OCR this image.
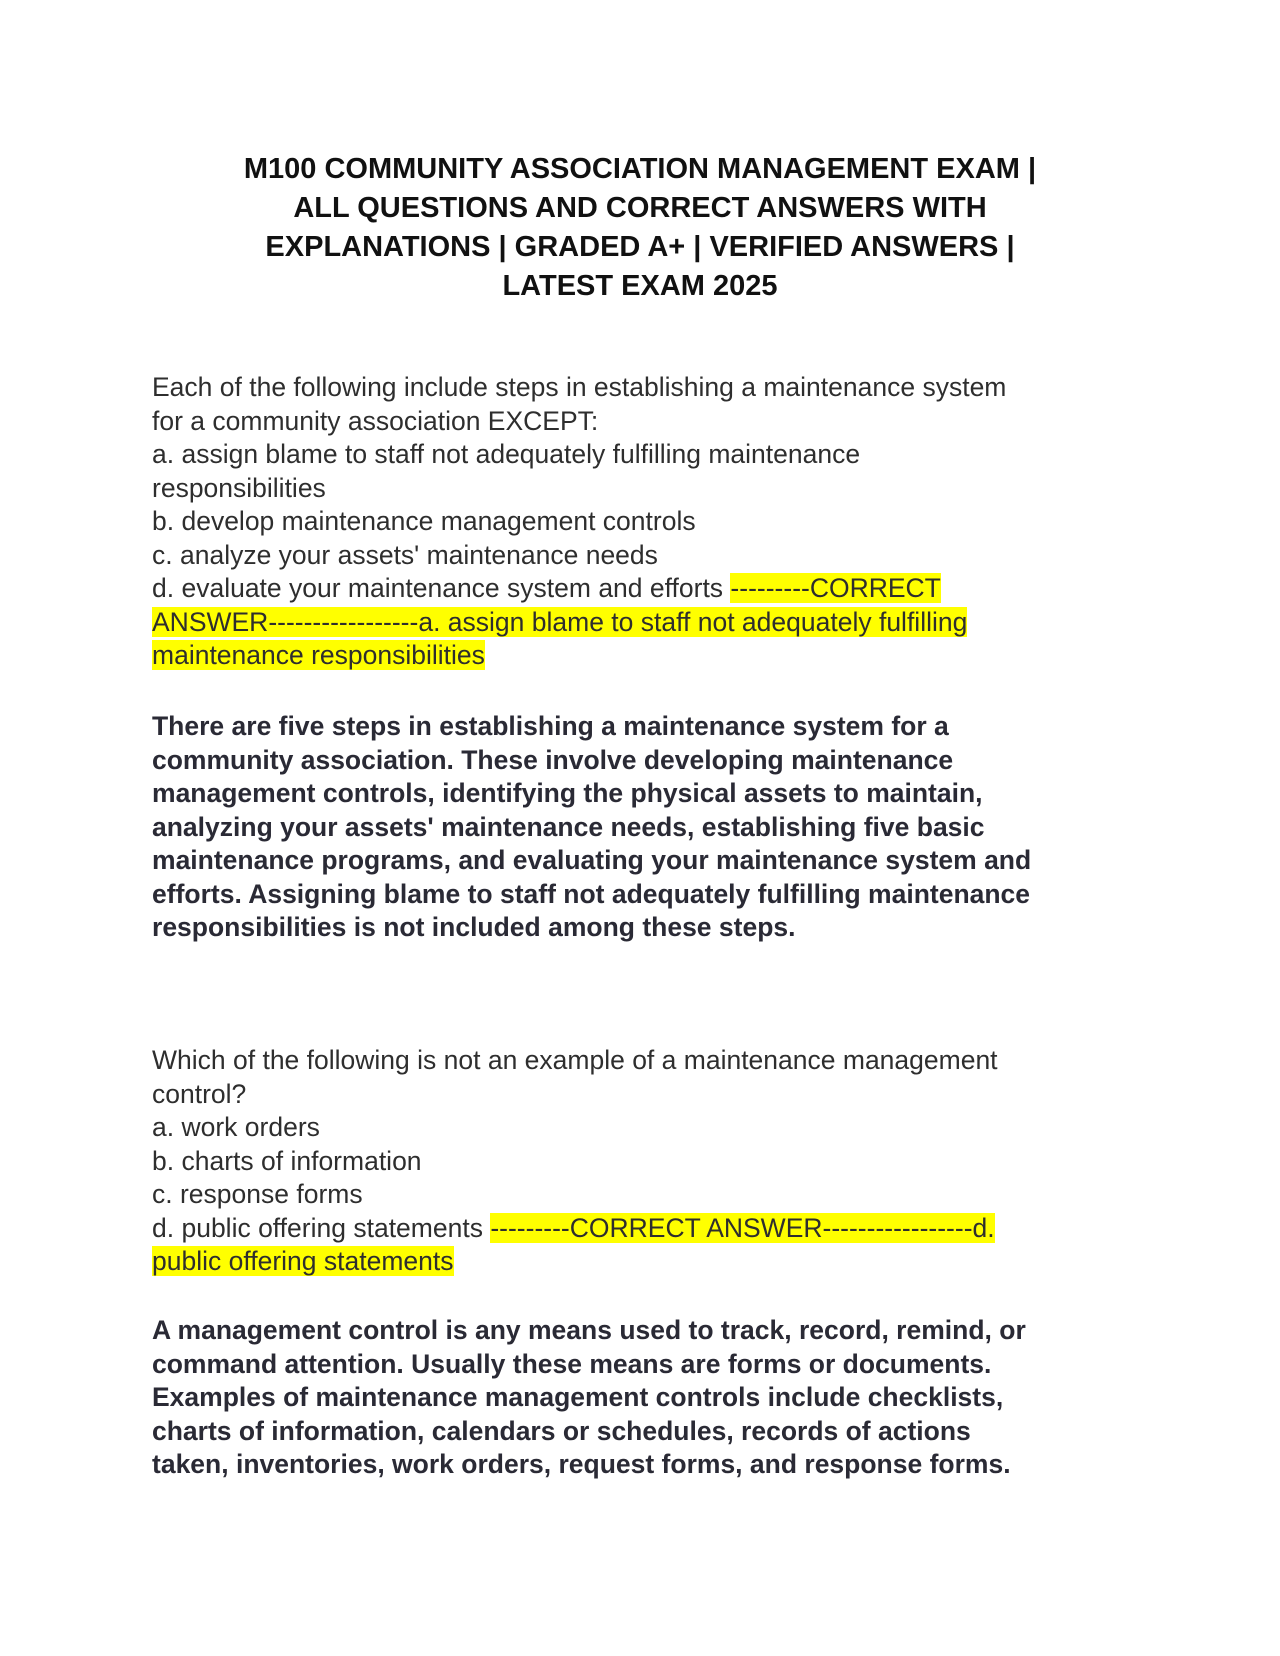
M100 COMMUNITY ASSOCIATION MANAGEMENT EXAM |
ALL QUESTIONS AND CORRECT ANSWERS WITH
EXPLANATIONS | GRADED A+ | VERIFIED ANSWERS |
LATEST EXAM 2025
Each of the following include steps in establishing a maintenance system
for a community association EXCEPT:
a. assign blame to staff not adequately fulfilling maintenance
responsibilities
b. develop maintenance management controls
c. analyze your assets' maintenance needs
d. evaluate your maintenance system and efforts ---------CORRECT
ANSWER-----------------a. assign blame to staff not adequately fulfilling
maintenance responsibilities
There are five steps in establishing a maintenance system for a
community association. These involve developing maintenance
management controls, identifying the physical assets to maintain,
analyzing your assets' maintenance needs, establishing five basic
maintenance programs, and evaluating your maintenance system and
efforts. Assigning blame to staff not adequately fulfilling maintenance
responsibilities is not included among these steps.
Which of the following is not an example of a maintenance management
control?
a. work orders
b. charts of information
c. response forms
d. public offering statements ---------CORRECT ANSWER-----------------d.
public offering statements
A management control is any means used to track, record, remind, or
command attention. Usually these means are forms or documents.
Examples of maintenance management controls include checklists,
charts of information, calendars or schedules, records of actions
taken, inventories, work orders, request forms, and response forms.
